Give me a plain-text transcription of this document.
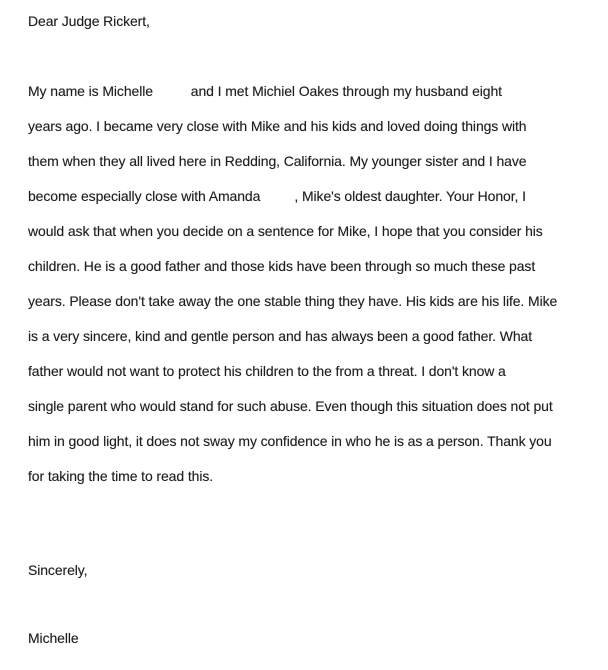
Dear Judge Rickert,
My name is Michelle          and I met Michiel Oakes through my husband eight
years ago. I became very close with Mike and his kids and loved doing things with
them when they all lived here in Redding, California. My younger sister and I have
become especially close with Amanda         , Mike's oldest daughter. Your Honor, I
would ask that when you decide on a sentence for Mike, I hope that you consider his
children. He is a good father and those kids have been through so much these past
years. Please don't take away the one stable thing they have. His kids are his life. Mike
is a very sincere, kind and gentle person and has always been a good father. What
father would not want to protect his children to the from a threat. I don't know a
single parent who would stand for such abuse. Even though this situation does not put
him in good light, it does not sway my confidence in who he is as a person. Thank you
for taking the time to read this.
Sincerely,
Michelle
